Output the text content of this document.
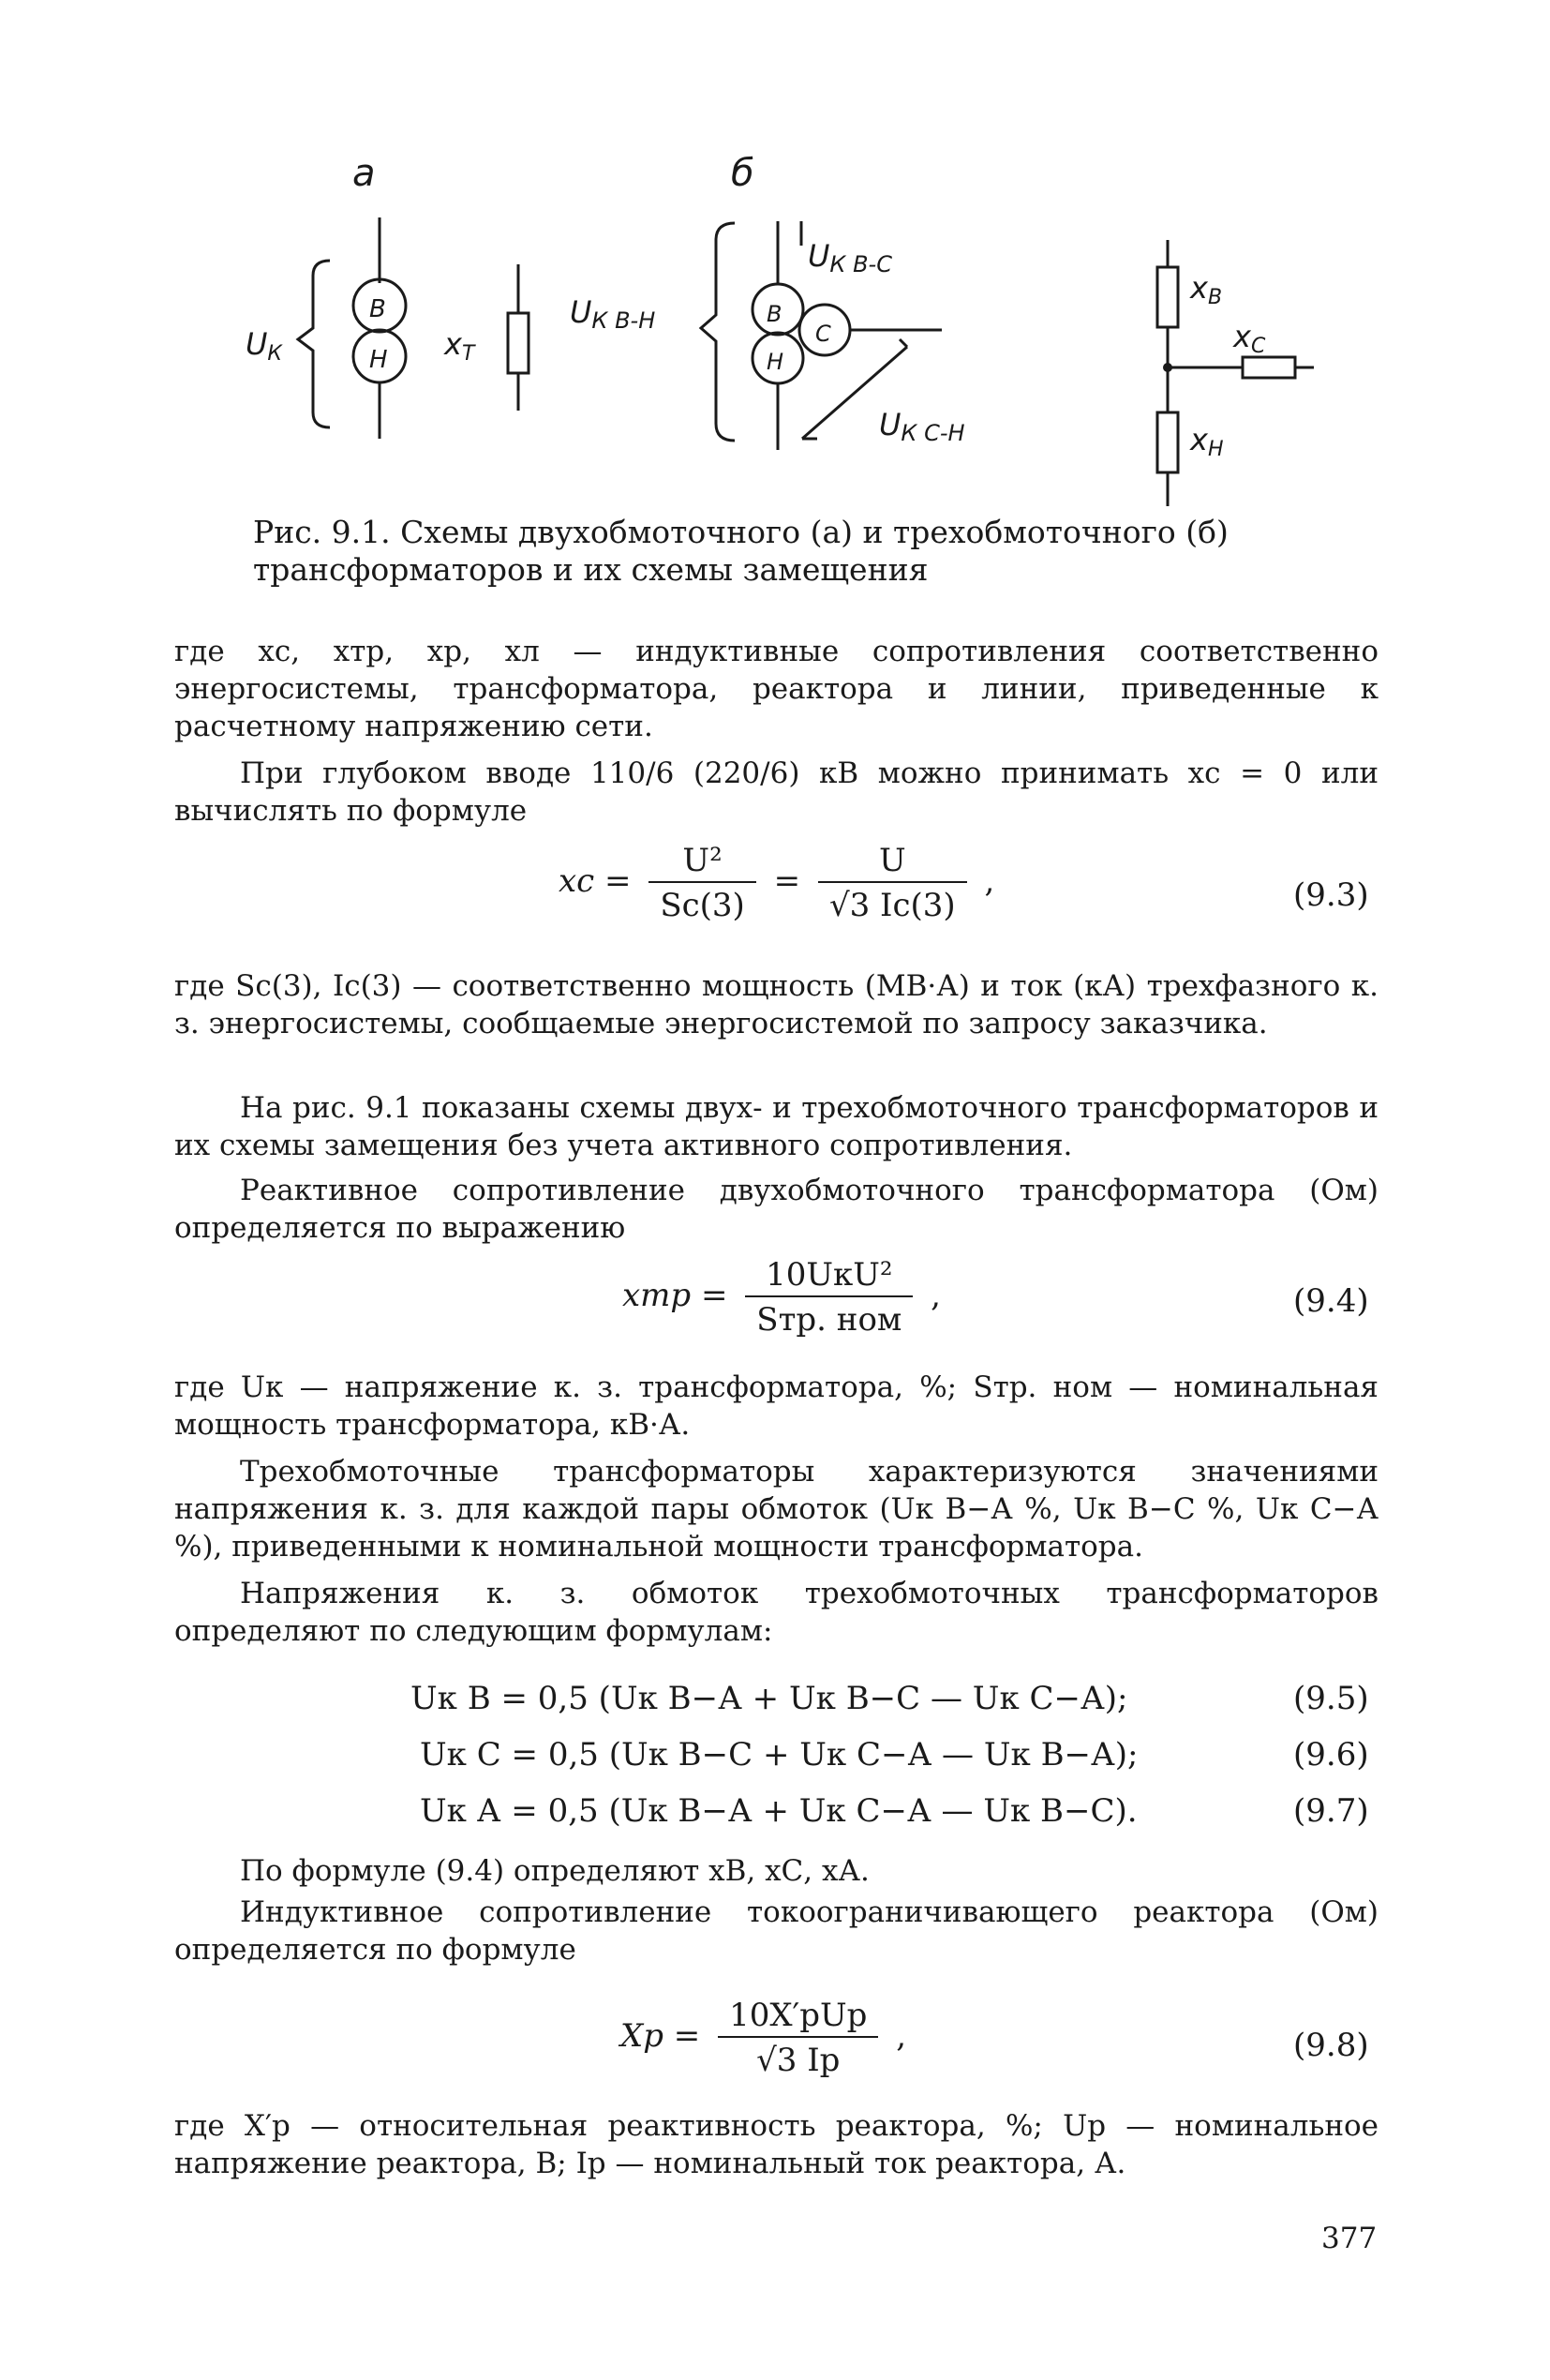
а	б
UК
B
H xT
UК В-Н
UК В-С
B
H
C
UК С-Н
xВ
xС
xН
Рис. 9.1. Схемы двухобмоточного (а) и трехобмоточного (б)
трансформаторов и их схемы замещения
где xс, xтр, xр, xл — индуктивные сопротивления соответственно энергосистемы, трансформатора, реактора и линии, приведенные к расчетному напряжению сети.
При глубоком вводе 110/6 (220/6) кВ можно принимать xс = 0 или вычислять по формуле
xс = $\frac{\text{U²}}{Sс(3)} = \frac{U}{√3 Iс(3)}$ ,	(9.3)
где Sс(3), Iс(3) — соответственно мощность (МВ·А) и ток (кА) трехфазного к. з. энергосистемы, сообщаемые энергосистемой по запросу заказчика.
На рис. 9.1 показаны схемы двух- и трехобмоточного трансформаторов и их схемы замещения без учета активного сопротивления.
Реактивное сопротивление двухобмоточного трансформатора (Ом) определяется по выражению
xтр = $\frac{\text{10UкU²}}{\text{Sтр. ном}}$ ,	(9.4)
где Uк — напряжение к. з. трансформатора, %; Sтр. ном — номинальная мощность трансформатора, кВ·А.
Трехобмоточные трансформаторы характеризуются значениями напряжения к. з. для каждой пары обмоток (Uк В−А %, Uк В−С %, Uк С−А %), приведенными к номинальной мощности трансформатора.
Напряжения к. з. обмоток трехобмоточных трансформаторов определяют по следующим формулам:
Uк В = 0,5 (Uк В−А + Uк В−С — Uк С−А);	(9.5)
Uк С = 0,5 (Uк В−С + Uк С−А — Uк В−А);	(9.6)
Uк А = 0,5 (Uк В−А + Uк С−А — Uк В−С).	(9.7)
По формуле (9.4) определяют xВ, xС, xА.
Индуктивное сопротивление токоограничивающего реактора (Ом) определяется по формуле
Xр = $\frac{\text{10X′рUр}}{√3 Iр}$ ,	(9.8)
где X′р — относительная реактивность реактора, %; Uр — номинальное напряжение реактора, В; Iр — номинальный ток реактора, А.
377
